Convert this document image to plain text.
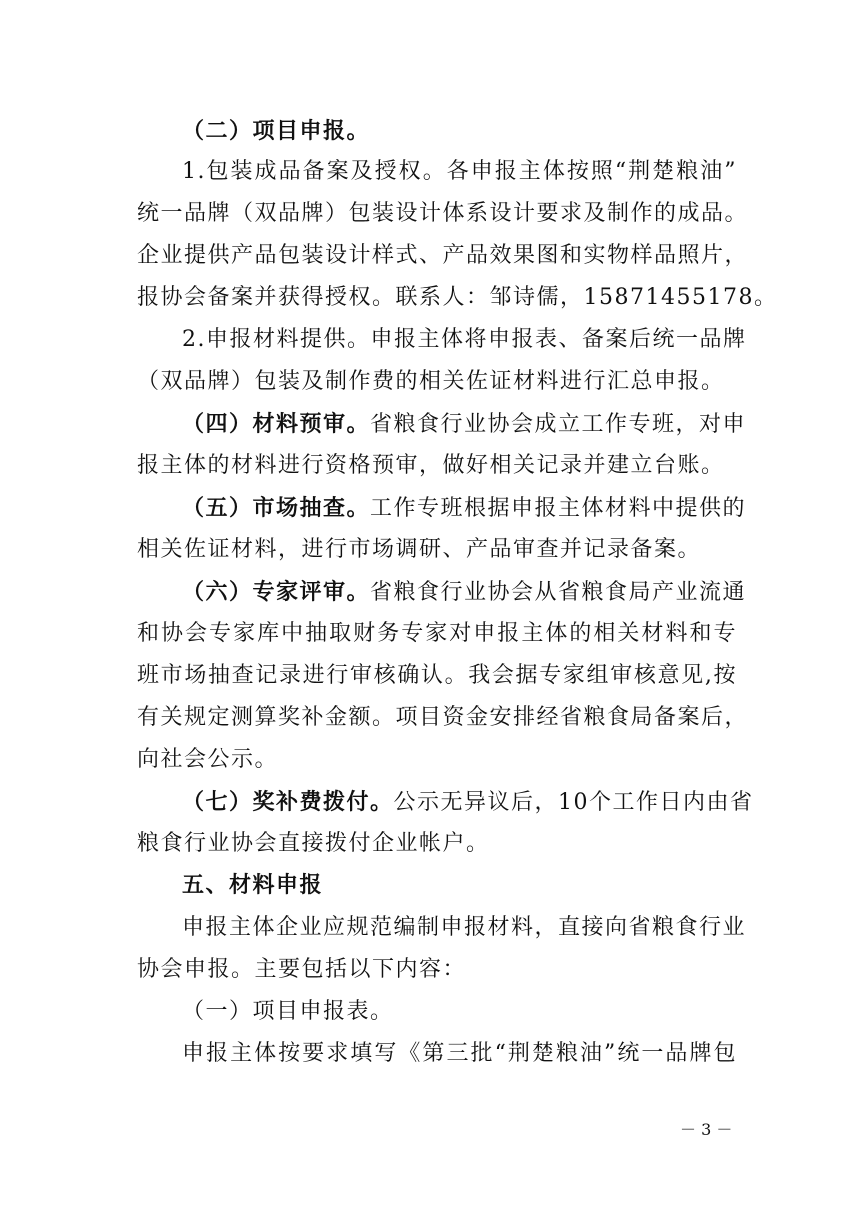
（二）项目申报。
1.包装成品备案及授权。各申报主体按照“荆楚粮油”
统一品牌（双品牌）包装设计体系设计要求及制作的成品。
企业提供产品包装设计样式、产品效果图和实物样品照片，
报协会备案并获得授权。联系人：邹诗儒，15871455178。
2.申报材料提供。申报主体将申报表、备案后统一品牌
（双品牌）包装及制作费的相关佐证材料进行汇总申报。
（四）材料预审。省粮食行业协会成立工作专班，对申
报主体的材料进行资格预审，做好相关记录并建立台账。
（五）市场抽查。工作专班根据申报主体材料中提供的
相关佐证材料，进行市场调研、产品审查并记录备案。
（六）专家评审。省粮食行业协会从省粮食局产业流通
和协会专家库中抽取财务专家对申报主体的相关材料和专
班市场抽查记录进行审核确认。我会据专家组审核意见,按
有关规定测算奖补金额。项目资金安排经省粮食局备案后，
向社会公示。
（七）奖补费拨付。公示无异议后，10个工作日内由省
粮食行业协会直接拨付企业帐户。
五、材料申报
申报主体企业应规范编制申报材料，直接向省粮食行业
协会申报。主要包括以下内容：
（一）项目申报表。
申报主体按要求填写《第三批“荆楚粮油”统一品牌包
－ 3 －
